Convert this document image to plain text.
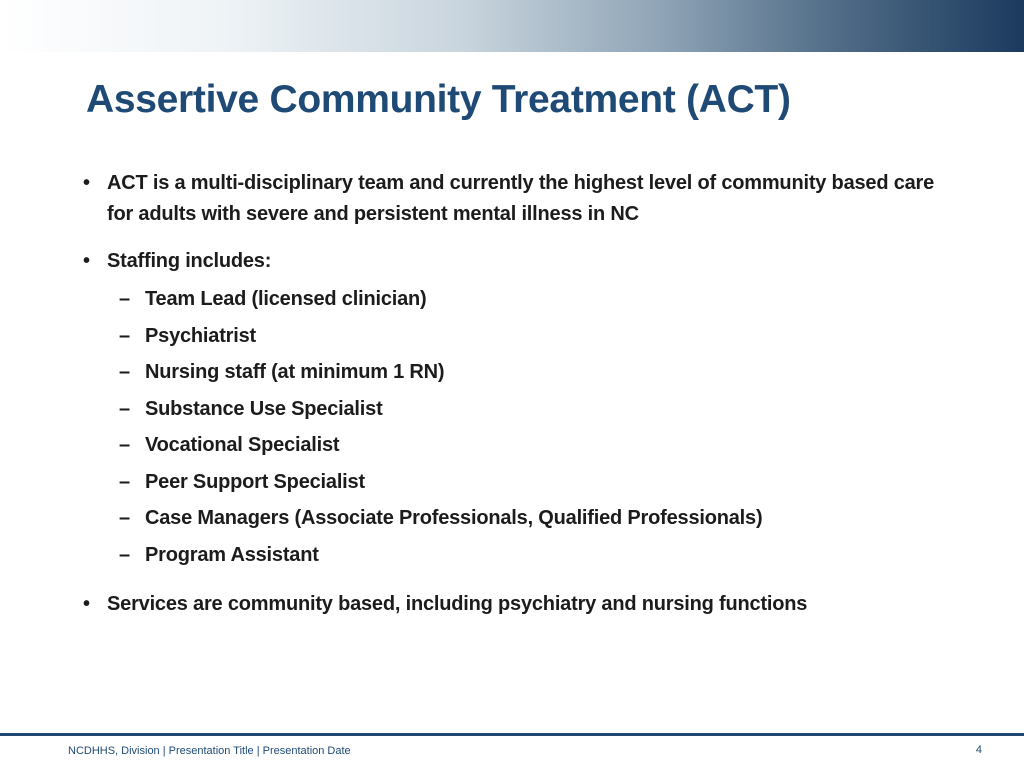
Assertive Community Treatment (ACT)
• ACT is a multi-disciplinary team and currently the highest level of community based care for adults with severe and persistent mental illness in NC
• Staffing includes:
– Team Lead (licensed clinician)
– Psychiatrist
– Nursing staff (at minimum 1 RN)
– Substance Use Specialist
– Vocational Specialist
– Peer Support Specialist
– Case Managers (Associate Professionals, Qualified Professionals)
– Program Assistant
• Services are community based, including psychiatry and nursing functions
NCDHHS, Division | Presentation Title | Presentation Date	4
